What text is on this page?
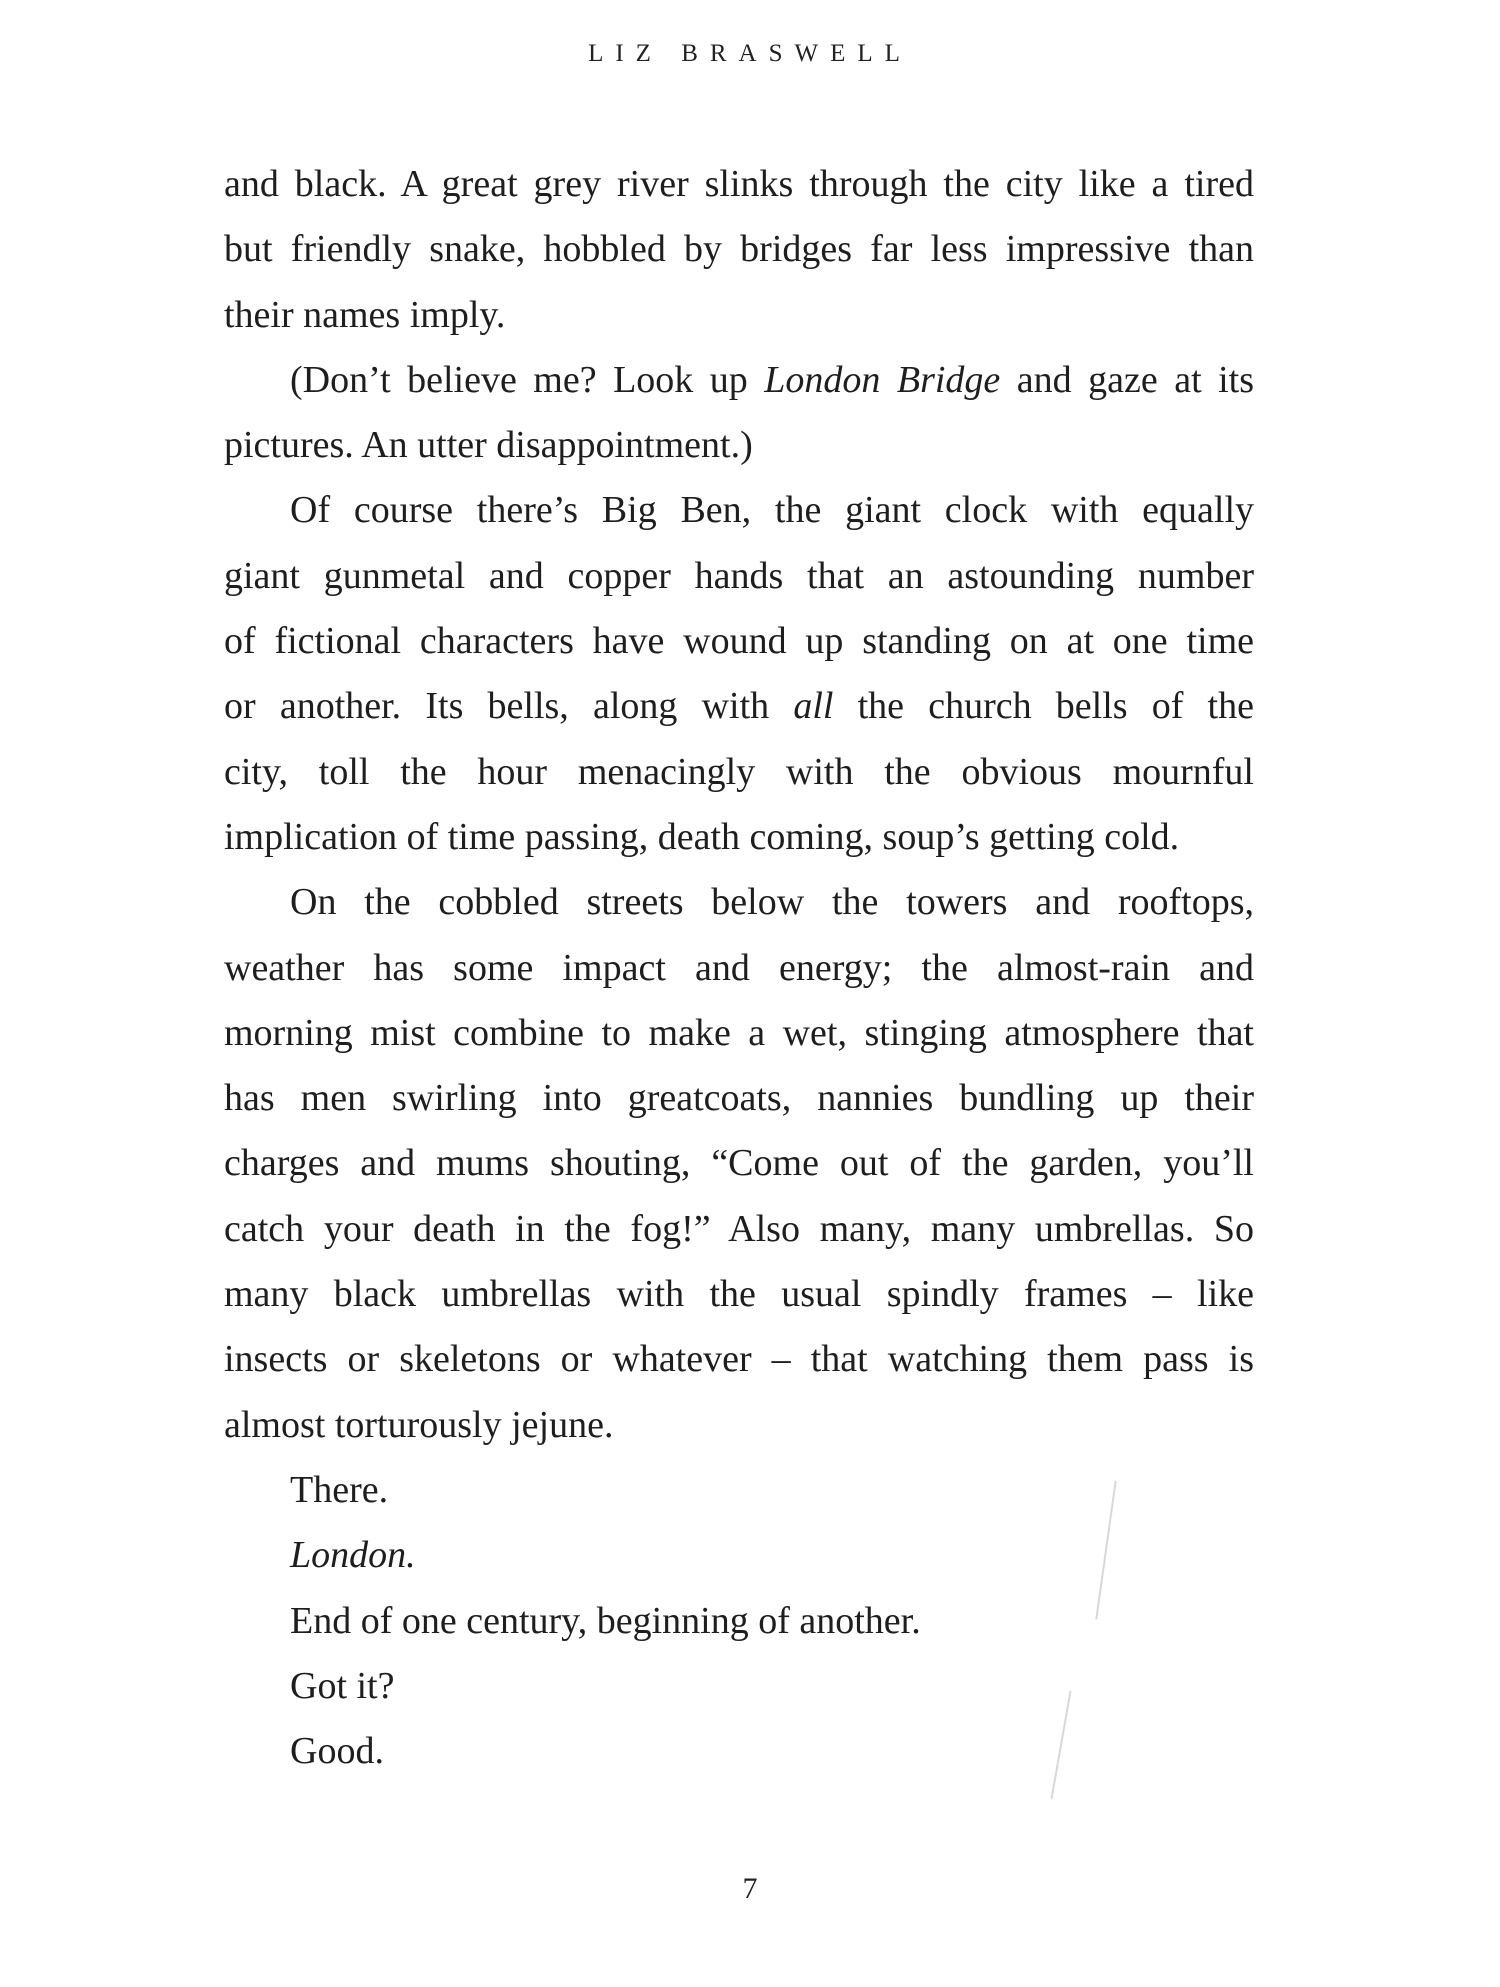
LIZ BRASWELL
and black. A great grey river slinks through the city like a tired
but friendly snake, hobbled by bridges far less impressive than
their names imply.
(Don’t believe me? Look up London Bridge and gaze at its
pictures. An utter disappointment.)
Of course there’s Big Ben, the giant clock with equally
giant gunmetal and copper hands that an astounding number
of fictional characters have wound up standing on at one time
or another. Its bells, along with all the church bells of the
city, toll the hour menacingly with the obvious mournful
implication of time passing, death coming, soup’s getting cold.
On the cobbled streets below the towers and rooftops,
weather has some impact and energy; the almost-rain and
morning mist combine to make a wet, stinging atmosphere that
has men swirling into greatcoats, nannies bundling up their
charges and mums shouting, “Come out of the garden, you’ll
catch your death in the fog!” Also many, many umbrellas. So
many black umbrellas with the usual spindly frames – like
insects or skeletons or whatever – that watching them pass is
almost torturously jejune.
There.
London.
End of one century, beginning of another.
Got it?
Good.
7
